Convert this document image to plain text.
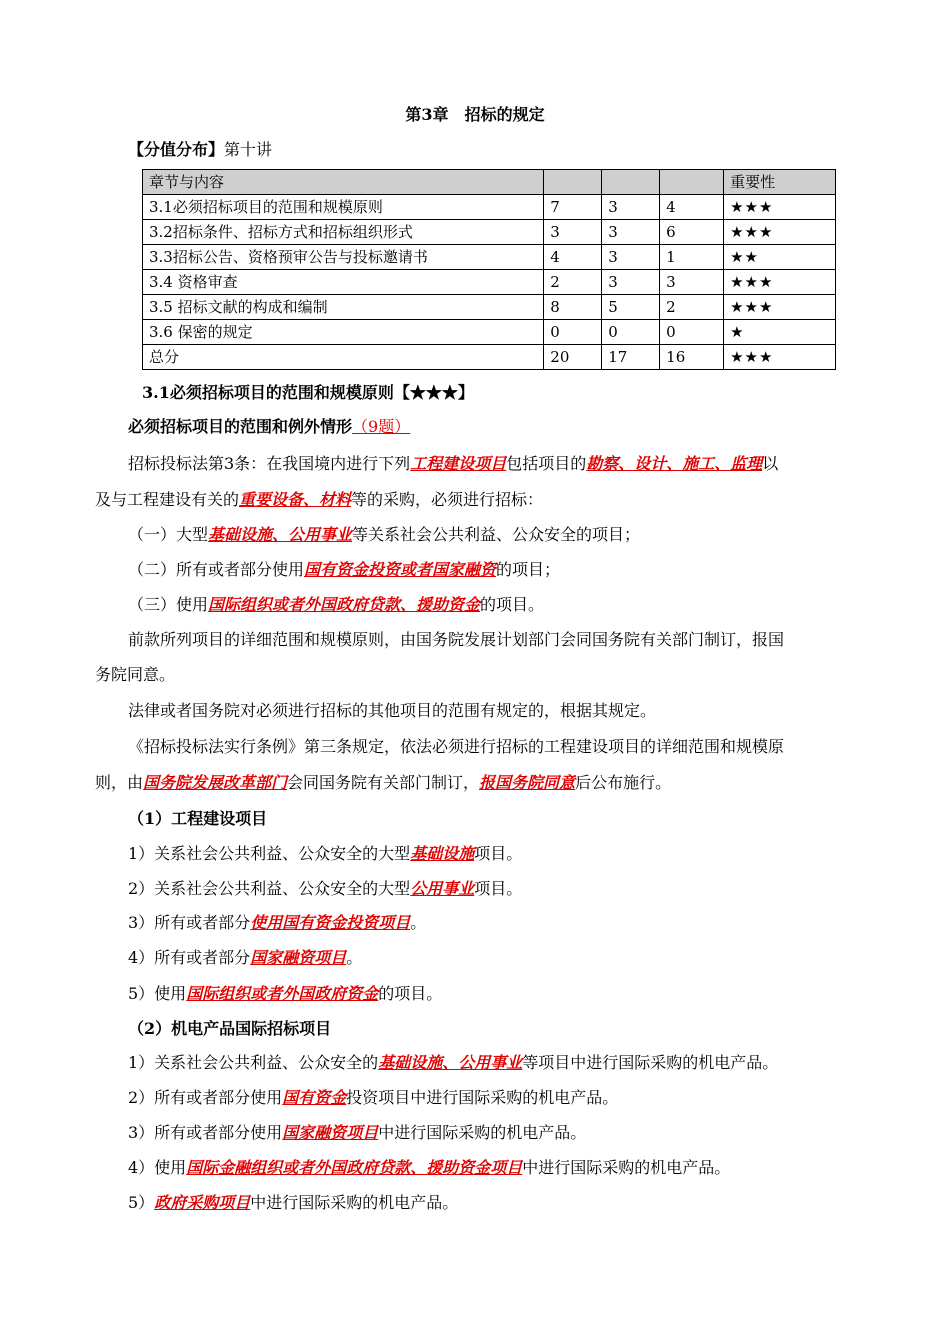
第3章 招标的规定
【分值分布】第十讲
章节与内容				重要性
3.1必须招标项目的范围和规模原则	7	3	4	★★★
3.2招标条件、招标方式和招标组织形式	3	3	6	★★★
3.3招标公告、资格预审公告与投标邀请书	4	3	1	★★
3.4 资格审查	2	3	3	★★★
3.5 招标文献的构成和编制	8	5	2	★★★
3.6 保密的规定	0	0	0	★
总分	20	17	16	★★★
3.1必须招标项目的范围和规模原则【★★★】
必须招标项目的范围和例外情形（9题）
招标投标法第3条：在我国境内进行下列工程建设项目包括项目的勘察、设计、施工、监理以
及与工程建设有关的重要设备、材料等的采购，必须进行招标：
（一）大型基础设施、公用事业等关系社会公共利益、公众安全的项目；
（二）所有或者部分使用国有资金投资或者国家融资的项目；
（三）使用国际组织或者外国政府贷款、援助资金的项目。
前款所列项目的详细范围和规模原则，由国务院发展计划部门会同国务院有关部门制订，报国
务院同意。
法律或者国务院对必须进行招标的其他项目的范围有规定的，根据其规定。
《招标投标法实行条例》第三条规定，依法必须进行招标的工程建设项目的详细范围和规模原
则，由国务院发展改革部门会同国务院有关部门制订，报国务院同意后公布施行。
（1）工程建设项目
1）关系社会公共利益、公众安全的大型基础设施项目。
2）关系社会公共利益、公众安全的大型公用事业项目。
3）所有或者部分使用国有资金投资项目。
4）所有或者部分国家融资项目。
5）使用国际组织或者外国政府资金的项目。
（2）机电产品国际招标项目
1）关系社会公共利益、公众安全的基础设施、公用事业等项目中进行国际采购的机电产品。
2）所有或者部分使用国有资金投资项目中进行国际采购的机电产品。
3）所有或者部分使用国家融资项目中进行国际采购的机电产品。
4）使用国际金融组织或者外国政府贷款、援助资金项目中进行国际采购的机电产品。
5）政府采购项目中进行国际采购的机电产品。
